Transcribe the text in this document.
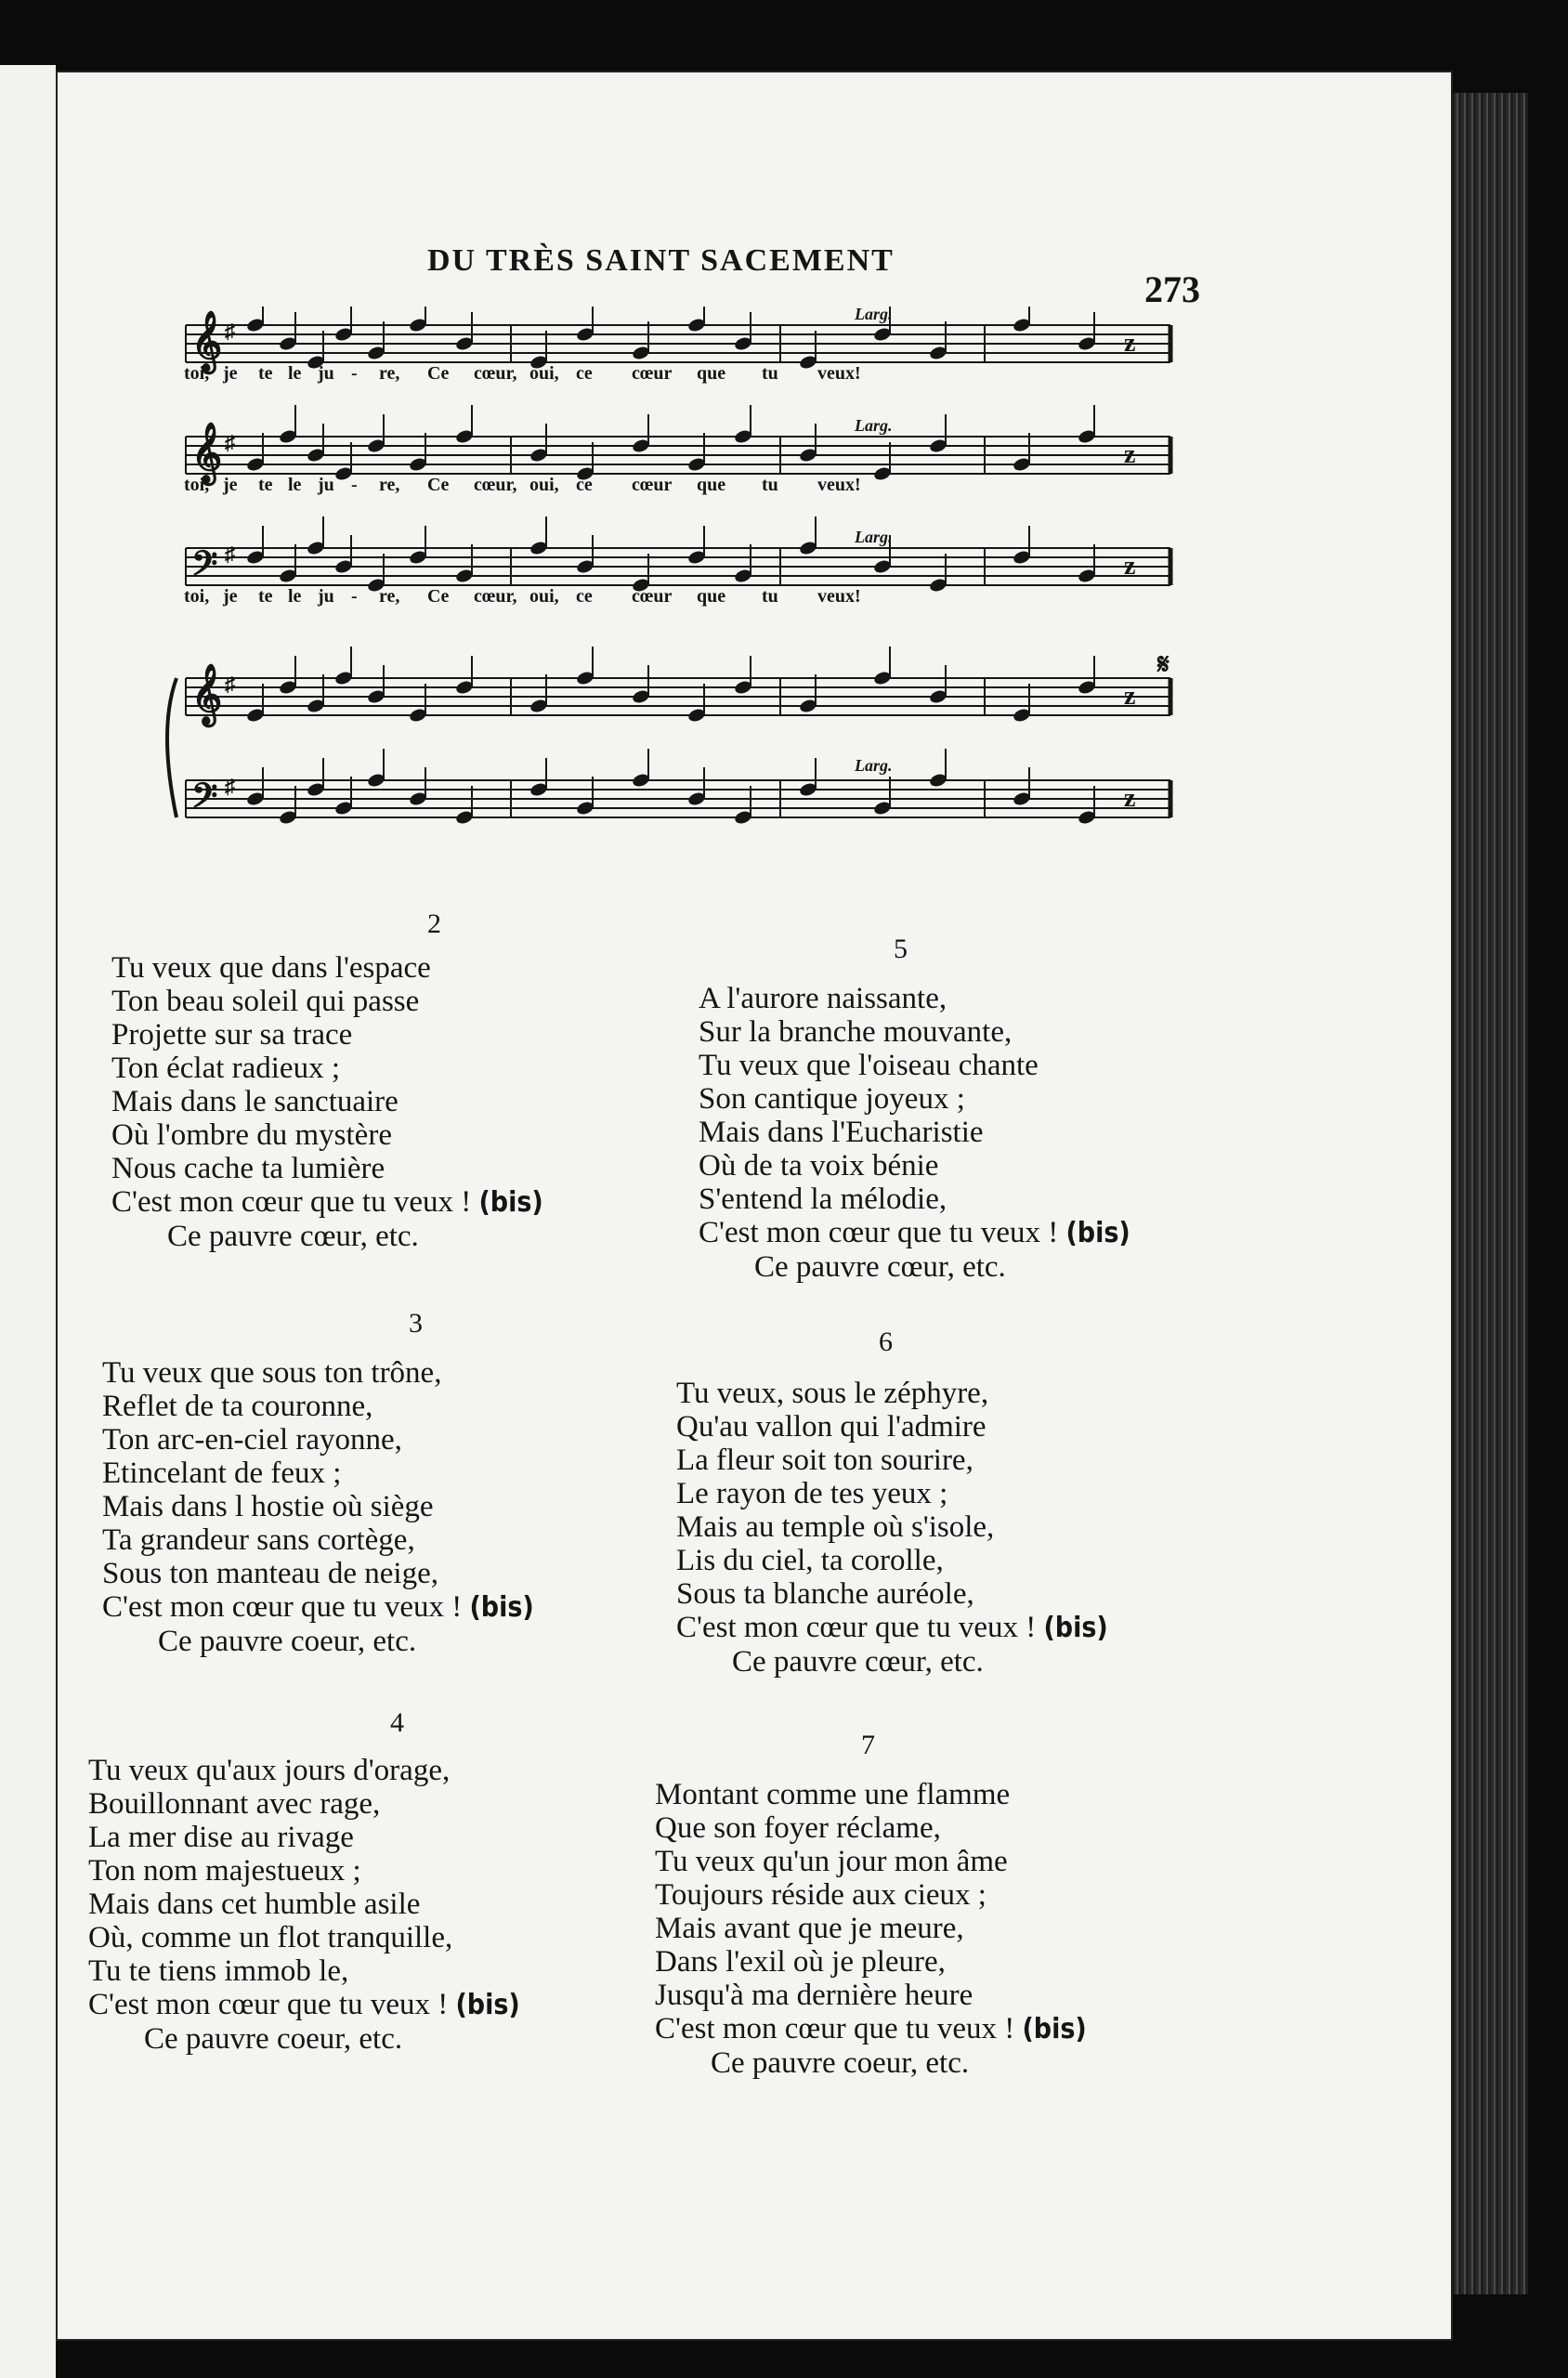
DU TRÈS SAINT SACEMENT
273
𝄞 ♯	z
𝄞 ♯	z
𝄢 ♯	z
𝄞 ♯	z
𝄢 ♯	z
toi, je te le ju - re, Ce cœur, oui, ce cœur que tu veux!
Larg.
toi, je te le ju - re, Ce cœur, oui, ce cœur que tu veux!
Larg.
toi, je te le ju - re, Ce cœur, oui, ce cœur que tu veux!
Larg.
Larg.
𝄋
2
Tu veux que dans l'espace
Ton beau soleil qui passe
Projette sur sa trace
Ton éclat radieux ;
Mais dans le sanctuaire
Où l'ombre du mystère
Nous cache ta lumière
C'est mon cœur que tu veux ! (bis)
Ce pauvre cœur, etc.
3
Tu veux que sous ton trône,
Reflet de ta couronne,
Ton arc-en-ciel rayonne,
Etincelant de feux ;
Mais dans l hostie où siège
Ta grandeur sans cortège,
Sous ton manteau de neige,
C'est mon cœur que tu veux ! (bis)
Ce pauvre coeur, etc.
4
Tu veux qu'aux jours d'orage,
Bouillonnant avec rage,
La mer dise au rivage
Ton nom majestueux ;
Mais dans cet humble asile
Où, comme un flot tranquille,
Tu te tiens immob le,
C'est mon cœur que tu veux ! (bis)
Ce pauvre coeur, etc.
5
A l'aurore naissante,
Sur la branche mouvante,
Tu veux que l'oiseau chante
Son cantique joyeux ;
Mais dans l'Eucharistie
Où de ta voix bénie
S'entend la mélodie,
C'est mon cœur que tu veux ! (bis)
Ce pauvre cœur, etc.
6
Tu veux, sous le zéphyre,
Qu'au vallon qui l'admire
La fleur soit ton sourire,
Le rayon de tes yeux ;
Mais au temple où s'isole,
Lis du ciel, ta corolle,
Sous ta blanche auréole,
C'est mon cœur que tu veux ! (bis)
Ce pauvre cœur, etc.
7
Montant comme une flamme
Que son foyer réclame,
Tu veux qu'un jour mon âme
Toujours réside aux cieux ;
Mais avant que je meure,
Dans l'exil où je pleure,
Jusqu'à ma dernière heure
C'est mon cœur que tu veux ! (bis)
Ce pauvre coeur, etc.
